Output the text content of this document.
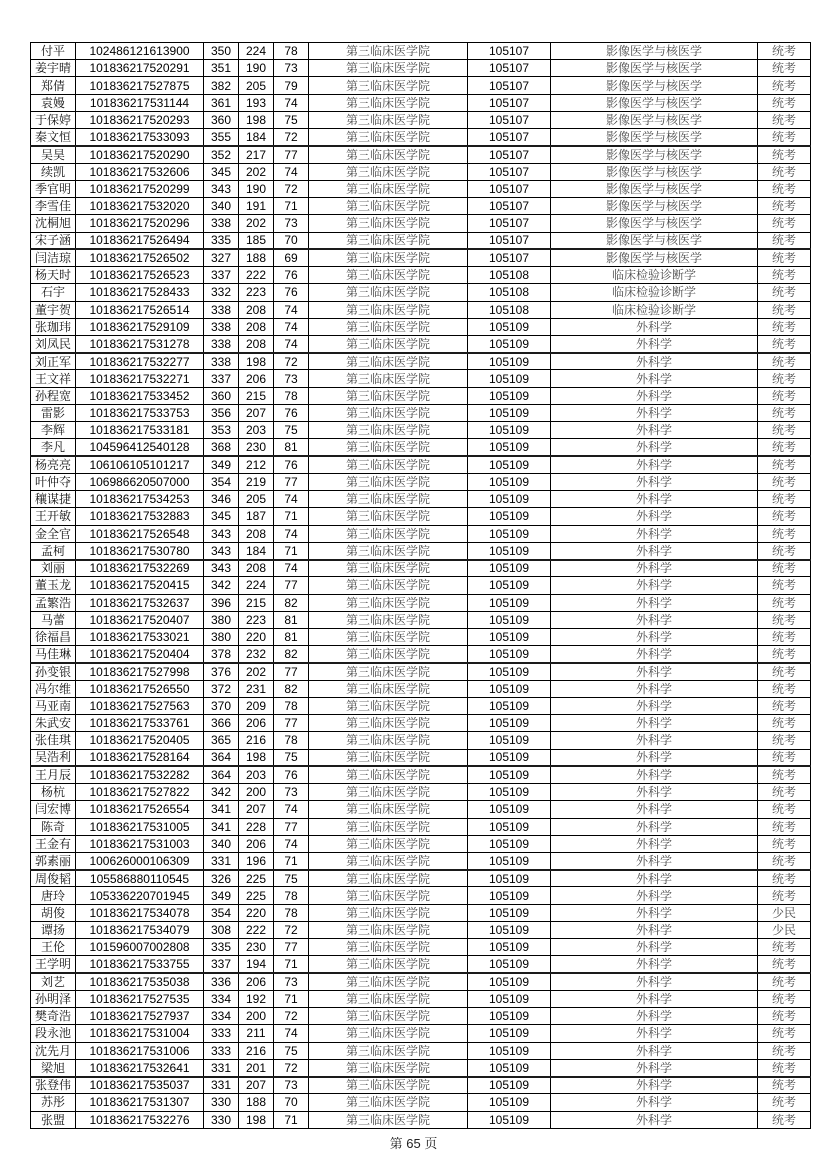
付平	102486121613900	350	224	78	第三临床医学院	105107	影像医学与核医学	统考
姜宇晴	101836217520291	351	190	73	第三临床医学院	105107	影像医学与核医学	统考
郑倩	101836217527875	382	205	79	第三临床医学院	105107	影像医学与核医学	统考
袁嫚	101836217531144	361	193	74	第三临床医学院	105107	影像医学与核医学	统考
于保婷	101836217520293	360	198	75	第三临床医学院	105107	影像医学与核医学	统考
秦文恒	101836217533093	355	184	72	第三临床医学院	105107	影像医学与核医学	统考
吴昊	101836217520290	352	217	77	第三临床医学院	105107	影像医学与核医学	统考
续凯	101836217532606	345	202	74	第三临床医学院	105107	影像医学与核医学	统考
季官明	101836217520299	343	190	72	第三临床医学院	105107	影像医学与核医学	统考
李雪佳	101836217532020	340	191	71	第三临床医学院	105107	影像医学与核医学	统考
沈桐旭	101836217520296	338	202	73	第三临床医学院	105107	影像医学与核医学	统考
宋子涵	101836217526494	335	185	70	第三临床医学院	105107	影像医学与核医学	统考
闫洁琼	101836217526502	327	188	69	第三临床医学院	105107	影像医学与核医学	统考
杨天时	101836217526523	337	222	76	第三临床医学院	105108	临床检验诊断学	统考
石宇	101836217528433	332	223	76	第三临床医学院	105108	临床检验诊断学	统考
董宇贺	101836217526514	338	208	74	第三临床医学院	105108	临床检验诊断学	统考
张珈玮	101836217529109	338	208	74	第三临床医学院	105109	外科学	统考
刘凤民	101836217531278	338	208	74	第三临床医学院	105109	外科学	统考
刘正军	101836217532277	338	198	72	第三临床医学院	105109	外科学	统考
王文祥	101836217532271	337	206	73	第三临床医学院	105109	外科学	统考
孙程宽	101836217533452	360	215	78	第三临床医学院	105109	外科学	统考
雷影	101836217533753	356	207	76	第三临床医学院	105109	外科学	统考
李辉	101836217533181	353	203	75	第三临床医学院	105109	外科学	统考
李凡	104596412540128	368	230	81	第三临床医学院	105109	外科学	统考
杨亮亮	106106105101217	349	212	76	第三临床医学院	105109	外科学	统考
叶仲夺	106986620507000	354	219	77	第三临床医学院	105109	外科学	统考
穰谋捷	101836217534253	346	205	74	第三临床医学院	105109	外科学	统考
王开敏	101836217532883	345	187	71	第三临床医学院	105109	外科学	统考
金全官	101836217526548	343	208	74	第三临床医学院	105109	外科学	统考
孟柯	101836217530780	343	184	71	第三临床医学院	105109	外科学	统考
刘丽	101836217532269	343	208	74	第三临床医学院	105109	外科学	统考
董玉龙	101836217520415	342	224	77	第三临床医学院	105109	外科学	统考
孟繁浩	101836217532637	396	215	82	第三临床医学院	105109	外科学	统考
马蕾	101836217520407	380	223	81	第三临床医学院	105109	外科学	统考
徐福昌	101836217533021	380	220	81	第三临床医学院	105109	外科学	统考
马佳琳	101836217520404	378	232	82	第三临床医学院	105109	外科学	统考
孙变银	101836217527998	376	202	77	第三临床医学院	105109	外科学	统考
冯尔维	101836217526550	372	231	82	第三临床医学院	105109	外科学	统考
马亚南	101836217527563	370	209	78	第三临床医学院	105109	外科学	统考
朱武安	101836217533761	366	206	77	第三临床医学院	105109	外科学	统考
张佳琪	101836217520405	365	216	78	第三临床医学院	105109	外科学	统考
吴浩利	101836217528164	364	198	75	第三临床医学院	105109	外科学	统考
王月辰	101836217532282	364	203	76	第三临床医学院	105109	外科学	统考
杨杭	101836217527822	342	200	73	第三临床医学院	105109	外科学	统考
闫宏博	101836217526554	341	207	74	第三临床医学院	105109	外科学	统考
陈奇	101836217531005	341	228	77	第三临床医学院	105109	外科学	统考
王金有	101836217531003	340	206	74	第三临床医学院	105109	外科学	统考
郭素丽	100626000106309	331	196	71	第三临床医学院	105109	外科学	统考
周俊韬	105586880110545	326	225	75	第三临床医学院	105109	外科学	统考
唐玲	105336220701945	349	225	78	第三临床医学院	105109	外科学	统考
胡俊	101836217534078	354	220	78	第三临床医学院	105109	外科学	少民
谭扬	101836217534079	308	222	72	第三临床医学院	105109	外科学	少民
王伦	101596007002808	335	230	77	第三临床医学院	105109	外科学	统考
王学明	101836217533755	337	194	71	第三临床医学院	105109	外科学	统考
刘艺	101836217535038	336	206	73	第三临床医学院	105109	外科学	统考
孙明泽	101836217527535	334	192	71	第三临床医学院	105109	外科学	统考
樊奇浩	101836217527937	334	200	72	第三临床医学院	105109	外科学	统考
段永池	101836217531004	333	211	74	第三临床医学院	105109	外科学	统考
沈先月	101836217531006	333	216	75	第三临床医学院	105109	外科学	统考
梁旭	101836217532641	331	201	72	第三临床医学院	105109	外科学	统考
张登伟	101836217535037	331	207	73	第三临床医学院	105109	外科学	统考
苏彤	101836217531307	330	188	70	第三临床医学院	105109	外科学	统考
张盟	101836217532276	330	198	71	第三临床医学院	105109	外科学	统考
第 65 页
